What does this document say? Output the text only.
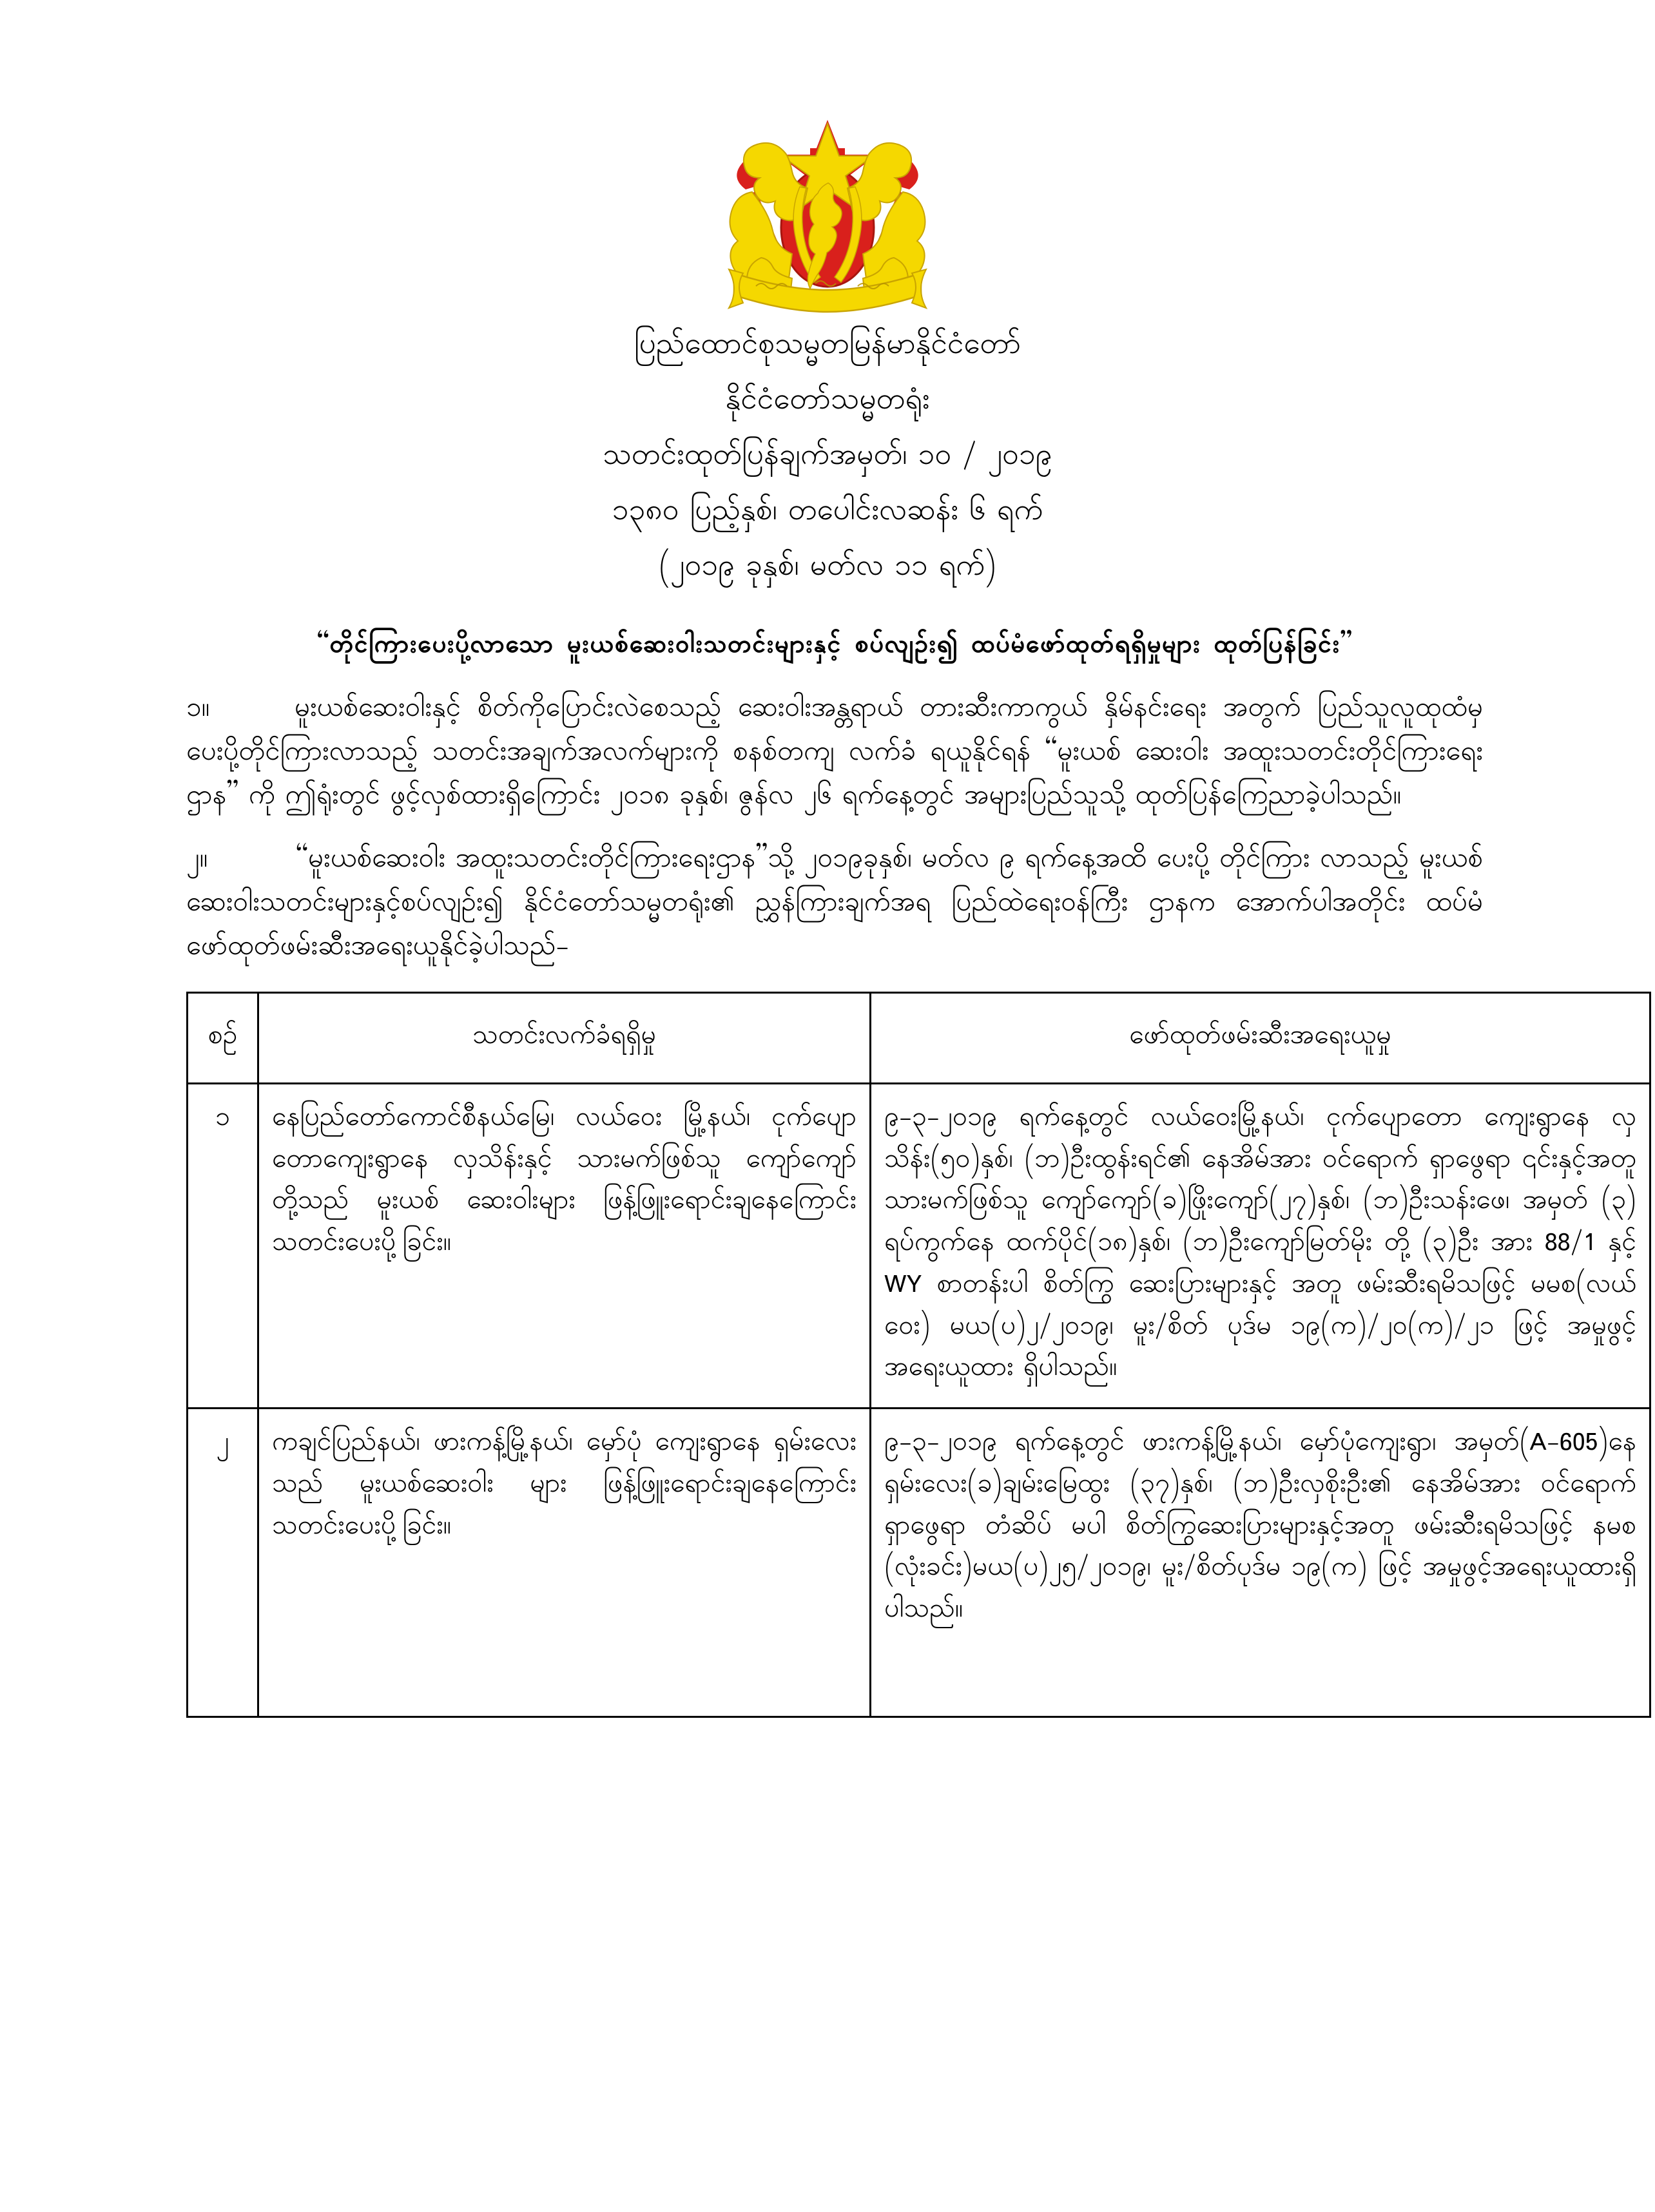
ပြည်ထောင်စုသမ္မတမြန်မာနိုင်ငံတော်
နိုင်ငံတော်သမ္မတရုံး
သတင်းထုတ်ပြန်ချက်အမှတ်၊ ၁၀ / ၂၀၁၉
၁၃၈၀ ပြည့်နှစ်၊ တပေါင်းလဆန်း ၆ ရက်
(၂၀၁၉ ခုနှစ်၊ မတ်လ ၁၁ ရက်)
“တိုင်ကြားပေးပို့လာသော မူးယစ်ဆေးဝါးသတင်းများနှင့် စပ်လျဉ်း၍ ထပ်မံဖော်ထုတ်ရရှိမှုများ ထုတ်ပြန်ခြင်း”

၁။	မူးယစ်ဆေးဝါးနှင့် စိတ်ကိုပြောင်းလဲစေသည့် ဆေးဝါးအန္တရာယ် တားဆီးကာကွယ် နှိမ်နင်းရေး အတွက် ပြည်သူလူထုထံမှ ပေးပို့တိုင်ကြားလာသည့် သတင်းအချက်အလက်များကို စနစ်တကျ လက်ခံ ရယူနိုင်ရန် “မူးယစ် ဆေးဝါး အထူးသတင်းတိုင်ကြားရေးဌာန” ကို ဤရုံးတွင် ဖွင့်လှစ်ထားရှိကြောင်း ၂၀၁၈ ခုနှစ်၊ ဇွန်လ ၂၆ ရက်နေ့တွင် အများပြည်သူသို့ ထုတ်ပြန်ကြေညာခဲ့ပါသည်။

၂။	“မူးယစ်ဆေးဝါး အထူးသတင်းတိုင်ကြားရေးဌာန”သို့ ၂၀၁၉ခုနှစ်၊ မတ်လ ၉ ရက်နေ့အထိ ပေးပို့ တိုင်ကြား လာသည့် မူးယစ်ဆေးဝါးသတင်းများနှင့်စပ်လျဉ်း၍ နိုင်ငံတော်သမ္မတရုံး၏ ညွှန်ကြားချက်အရ ပြည်ထဲရေးဝန်ကြီး ဌာနက အောက်ပါအတိုင်း ထပ်မံဖော်ထုတ်ဖမ်းဆီးအရေးယူနိုင်ခဲ့ပါသည်-

စဉ်	သတင်းလက်ခံရရှိမှု	ဖော်ထုတ်ဖမ်းဆီးအရေးယူမှု
၁	နေပြည်တော်ကောင်စီနယ်မြေ၊ လယ်ဝေး မြို့နယ်၊ ငုက်ပျောတောကျေးရွာနေ လှသိန်းနှင့် သားမက်ဖြစ်သူ ကျော်ကျော် တို့သည် မူးယစ် ဆေးဝါးများ ဖြန့်ဖြူးရောင်းချနေကြောင်း သတင်းပေးပို့ခြင်း။	၉-၃-၂၀၁၉ ရက်နေ့တွင် လယ်ဝေးမြို့နယ်၊ ငုက်ပျောတော ကျေးရွာနေ လှသိန်း(၅၀)နှစ်၊ (ဘ)ဦးထွန်းရင်၏ နေအိမ်အား ဝင်ရောက် ရှာဖွေရာ ၎င်းနှင့်အတူ သားမက်ဖြစ်သူ ကျော်ကျော်(ခ)ဖြိုးကျော်(၂၇)နှစ်၊ (ဘ)ဦးသန်းဖေ၊ အမှတ် (၃) ရပ်ကွက်နေ ထက်ပိုင်(၁၈)နှစ်၊ (ဘ)ဦးကျော်မြတ်မိုး တို့ (၃)ဦး အား 88/1 နှင့် WY စာတန်းပါ စိတ်ကြွ ဆေးပြားများနှင့် အတူ ဖမ်းဆီးရမိသဖြင့် မမစ(လယ်ဝေး) မယ(ပ)၂/၂၀၁၉၊ မူး/စိတ် ပုဒ်မ ၁၉(က)/၂၀(က)/၂၁ ဖြင့် အမှုဖွင့်အရေးယူထား ရှိပါသည်။
၂	ကချင်ပြည်နယ်၊ ဖားကန့်မြို့နယ်၊ မှော်ပုံ ကျေးရွာနေ ရှမ်းလေးသည် မူးယစ်ဆေးဝါး များ ဖြန့်ဖြူးရောင်းချနေကြောင်း သတင်းပေးပို့ခြင်း။	၉-၃-၂၀၁၉ ရက်နေ့တွင် ဖားကန့်မြို့နယ်၊ မှော်ပုံကျေးရွာ၊ အမှတ်(A-605)နေ ရှမ်းလေး(ခ)ချမ်းမြေထွး (၃၇)နှစ်၊ (ဘ)ဦးလှစိုးဦး၏ နေအိမ်အား ဝင်ရောက်ရှာဖွေရာ တံဆိပ် မပါ စိတ်ကြွဆေးပြားများနှင့်အတူ ဖမ်းဆီးရမိသဖြင့် နမစ (လုံးခင်း)မယ(ပ)၂၅/၂၀၁၉၊ မူး/စိတ်ပုဒ်မ ၁၉(က) ဖြင့် အမှုဖွင့်အရေးယူထားရှိပါသည်။
